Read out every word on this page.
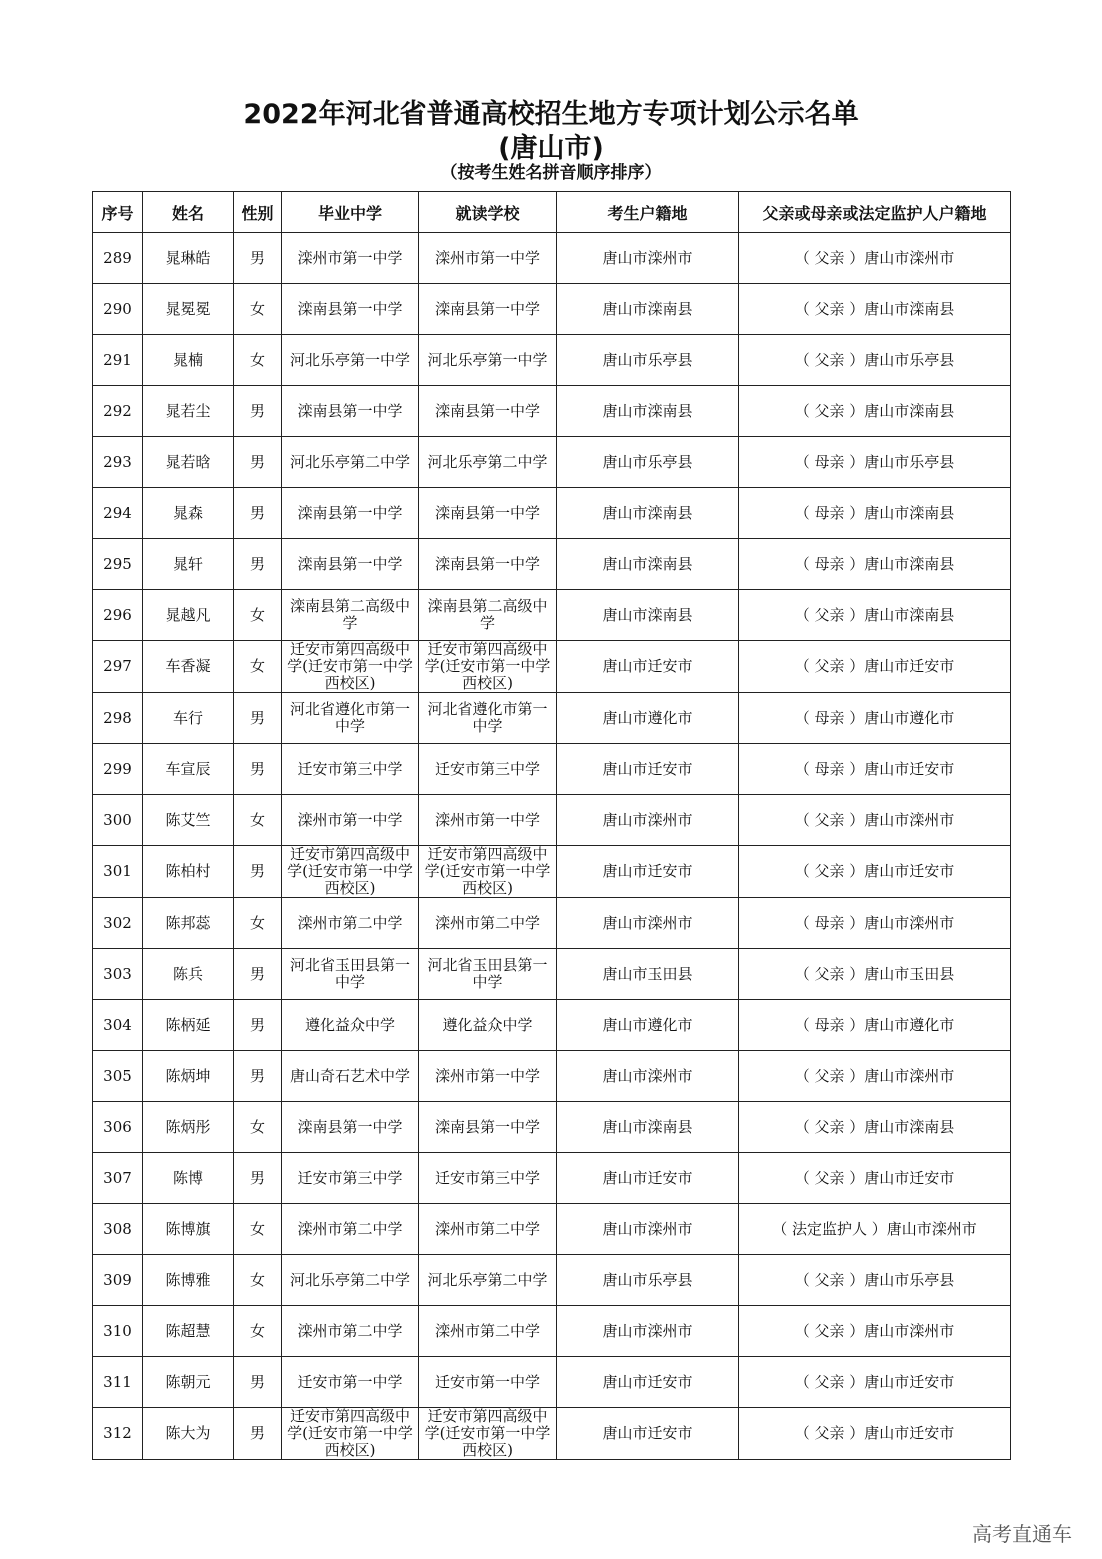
2022年河北省普通高校招生地方专项计划公示名单
(唐山市)
（按考生姓名拼音顺序排序）
序号	姓名	性别	毕业中学	就读学校	考生户籍地	父亲或母亲或法定监护人户籍地
289	晁琳皓	男	滦州市第一中学	滦州市第一中学	唐山市滦州市	（ 父亲 ）唐山市滦州市
290	晁冕冕	女	滦南县第一中学	滦南县第一中学	唐山市滦南县	（ 父亲 ）唐山市滦南县
291	晁楠	女	河北乐亭第一中学	河北乐亭第一中学	唐山市乐亭县	（ 父亲 ）唐山市乐亭县
292	晁若尘	男	滦南县第一中学	滦南县第一中学	唐山市滦南县	（ 父亲 ）唐山市滦南县
293	晁若晗	男	河北乐亭第二中学	河北乐亭第二中学	唐山市乐亭县	（ 母亲 ）唐山市乐亭县
294	晁森	男	滦南县第一中学	滦南县第一中学	唐山市滦南县	（ 母亲 ）唐山市滦南县
295	晁轩	男	滦南县第一中学	滦南县第一中学	唐山市滦南县	（ 母亲 ）唐山市滦南县
296	晁越凡	女	滦南县第二高级中学	滦南县第二高级中学	唐山市滦南县	（ 父亲 ）唐山市滦南县
297	车香凝	女	迁安市第四高级中学(迁安市第一中学西校区)	迁安市第四高级中学(迁安市第一中学西校区)	唐山市迁安市	（ 父亲 ）唐山市迁安市
298	车行	男	河北省遵化市第一中学	河北省遵化市第一中学	唐山市遵化市	（ 母亲 ）唐山市遵化市
299	车宣辰	男	迁安市第三中学	迁安市第三中学	唐山市迁安市	（ 母亲 ）唐山市迁安市
300	陈艾竺	女	滦州市第一中学	滦州市第一中学	唐山市滦州市	（ 父亲 ）唐山市滦州市
301	陈柏村	男	迁安市第四高级中学(迁安市第一中学西校区)	迁安市第四高级中学(迁安市第一中学西校区)	唐山市迁安市	（ 父亲 ）唐山市迁安市
302	陈邦蕊	女	滦州市第二中学	滦州市第二中学	唐山市滦州市	（ 母亲 ）唐山市滦州市
303	陈兵	男	河北省玉田县第一中学	河北省玉田县第一中学	唐山市玉田县	（ 父亲 ）唐山市玉田县
304	陈柄延	男	遵化益众中学	遵化益众中学	唐山市遵化市	（ 母亲 ）唐山市遵化市
305	陈炳坤	男	唐山奇石艺术中学	滦州市第一中学	唐山市滦州市	（ 父亲 ）唐山市滦州市
306	陈炳彤	女	滦南县第一中学	滦南县第一中学	唐山市滦南县	（ 父亲 ）唐山市滦南县
307	陈博	男	迁安市第三中学	迁安市第三中学	唐山市迁安市	（ 父亲 ）唐山市迁安市
308	陈博旗	女	滦州市第二中学	滦州市第二中学	唐山市滦州市	（ 法定监护人 ）唐山市滦州市
309	陈博雅	女	河北乐亭第二中学	河北乐亭第二中学	唐山市乐亭县	（ 父亲 ）唐山市乐亭县
310	陈超慧	女	滦州市第二中学	滦州市第二中学	唐山市滦州市	（ 父亲 ）唐山市滦州市
311	陈朝元	男	迁安市第一中学	迁安市第一中学	唐山市迁安市	（ 父亲 ）唐山市迁安市
312	陈大为	男	迁安市第四高级中学(迁安市第一中学西校区)	迁安市第四高级中学(迁安市第一中学西校区)	唐山市迁安市	（ 父亲 ）唐山市迁安市
高考直通车
